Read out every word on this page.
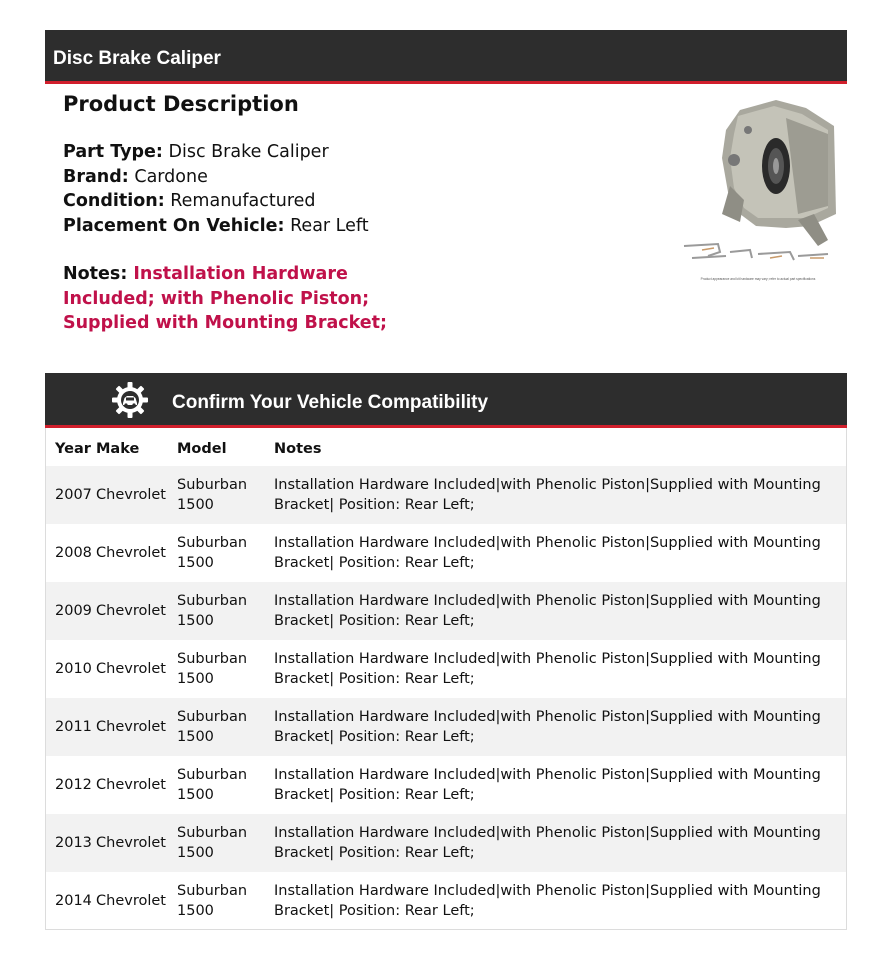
Disc Brake Caliper
Product Description
Part Type: Disc Brake Caliper
Brand: Cardone
Condition: Remanufactured
Placement On Vehicle: Rear Left
Notes: Installation Hardware Included; with Phenolic Piston; Supplied with Mounting Bracket;
Product appearance and kit hardware may vary; refer to actual part specifications
Confirm Your Vehicle Compatibility
Year	Make	Model	Notes
2007	Chevrolet	Suburban 1500	Installation Hardware Included|with Phenolic Piston|Supplied with Mounting Bracket| Position: Rear Left;
2008	Chevrolet	Suburban 1500	Installation Hardware Included|with Phenolic Piston|Supplied with Mounting Bracket| Position: Rear Left;
2009	Chevrolet	Suburban 1500	Installation Hardware Included|with Phenolic Piston|Supplied with Mounting Bracket| Position: Rear Left;
2010	Chevrolet	Suburban 1500	Installation Hardware Included|with Phenolic Piston|Supplied with Mounting Bracket| Position: Rear Left;
2011	Chevrolet	Suburban 1500	Installation Hardware Included|with Phenolic Piston|Supplied with Mounting Bracket| Position: Rear Left;
2012	Chevrolet	Suburban 1500	Installation Hardware Included|with Phenolic Piston|Supplied with Mounting Bracket| Position: Rear Left;
2013	Chevrolet	Suburban 1500	Installation Hardware Included|with Phenolic Piston|Supplied with Mounting Bracket| Position: Rear Left;
2014	Chevrolet	Suburban 1500	Installation Hardware Included|with Phenolic Piston|Supplied with Mounting Bracket| Position: Rear Left;
